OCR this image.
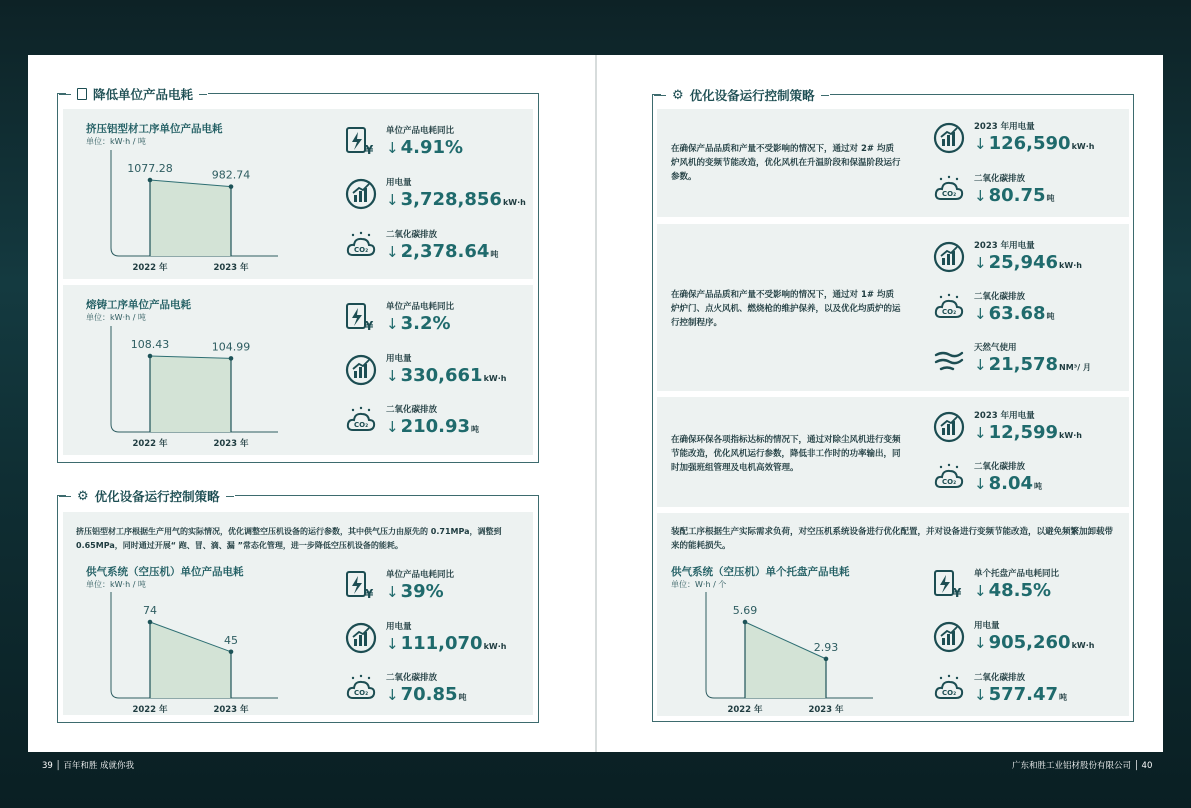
降低单位产品电耗
挤压铝型材工序单位产品电耗
单位：kW·h / 吨
1077.28
2022 年
982.74
2023 年
熔铸工序单位产品电耗
单位：kW·h / 吨
108.43
2022 年
104.99
2023 年
¥
单位产品电耗同比
↓ 4.91%
用电量
↓ 3,728,856 kW·h
CO₂
二氧化碳排放
↓ 2,378.64 吨
¥
单位产品电耗同比
↓ 3.2%
用电量
↓ 330,661 kW·h
CO₂
二氧化碳排放
↓ 210.93 吨
⚙ 优化设备运行控制策略
挤压铝型材工序根据生产用气的实际情况，优化调整空压机设备的运行参数，其中供气压力由原先的 0.71MPa，调整到 0.65MPa，同时通过开展“ 跑、冒、滴、漏 ”常态化管理，进一步降低空压机设备的能耗。
供气系统（空压机）单位产品电耗
单位：kW·h / 吨
74
2022 年
45
2023 年
¥
单位产品电耗同比
↓ 39%
用电量
↓ 111,070 kW·h
CO₂
二氧化碳排放
↓ 70.85 吨
⚙ 优化设备运行控制策略
在确保产品品质和产量不受影响的情况下，通过对 2# 均质炉风机的变频节能改造，优化风机在升温阶段和保温阶段运行参数。
在确保产品品质和产量不受影响的情况下，通过对 1# 均质炉炉门、点火风机、燃烧枪的维护保养，以及优化均质炉的运行控制程序。
在确保环保各项指标达标的情况下，通过对除尘风机进行变频节能改造，优化风机运行参数，降低非工作时的功率输出，同时加强班组管理及电机高效管理。
装配工序根据生产实际需求负荷，对空压机系统设备进行优化配置，并对设备进行变频节能改造，以避免频繁加卸载带来的能耗损失。
2023 年用电量
↓ 126,590 kW·h
CO₂
二氧化碳排放
↓ 80.75 吨
2023 年用电量
↓ 25,946 kW·h
CO₂
二氧化碳排放
↓ 63.68 吨
天然气使用
↓ 21,578 NM³/ 月
2023 年用电量
↓ 12,599 kW·h
CO₂
二氧化碳排放
↓ 8.04 吨
供气系统（空压机）单个托盘产品电耗
单位：W·h / 个
5.69
2022 年
2.93
2023 年
¥
单个托盘产品电耗同比
↓ 48.5%
用电量
↓ 905,260 kW·h
CO₂
二氧化碳排放
↓ 577.47 吨
39 │ 百年和胜 成就你我	广东和胜工业铝材股份有限公司 │ 40
